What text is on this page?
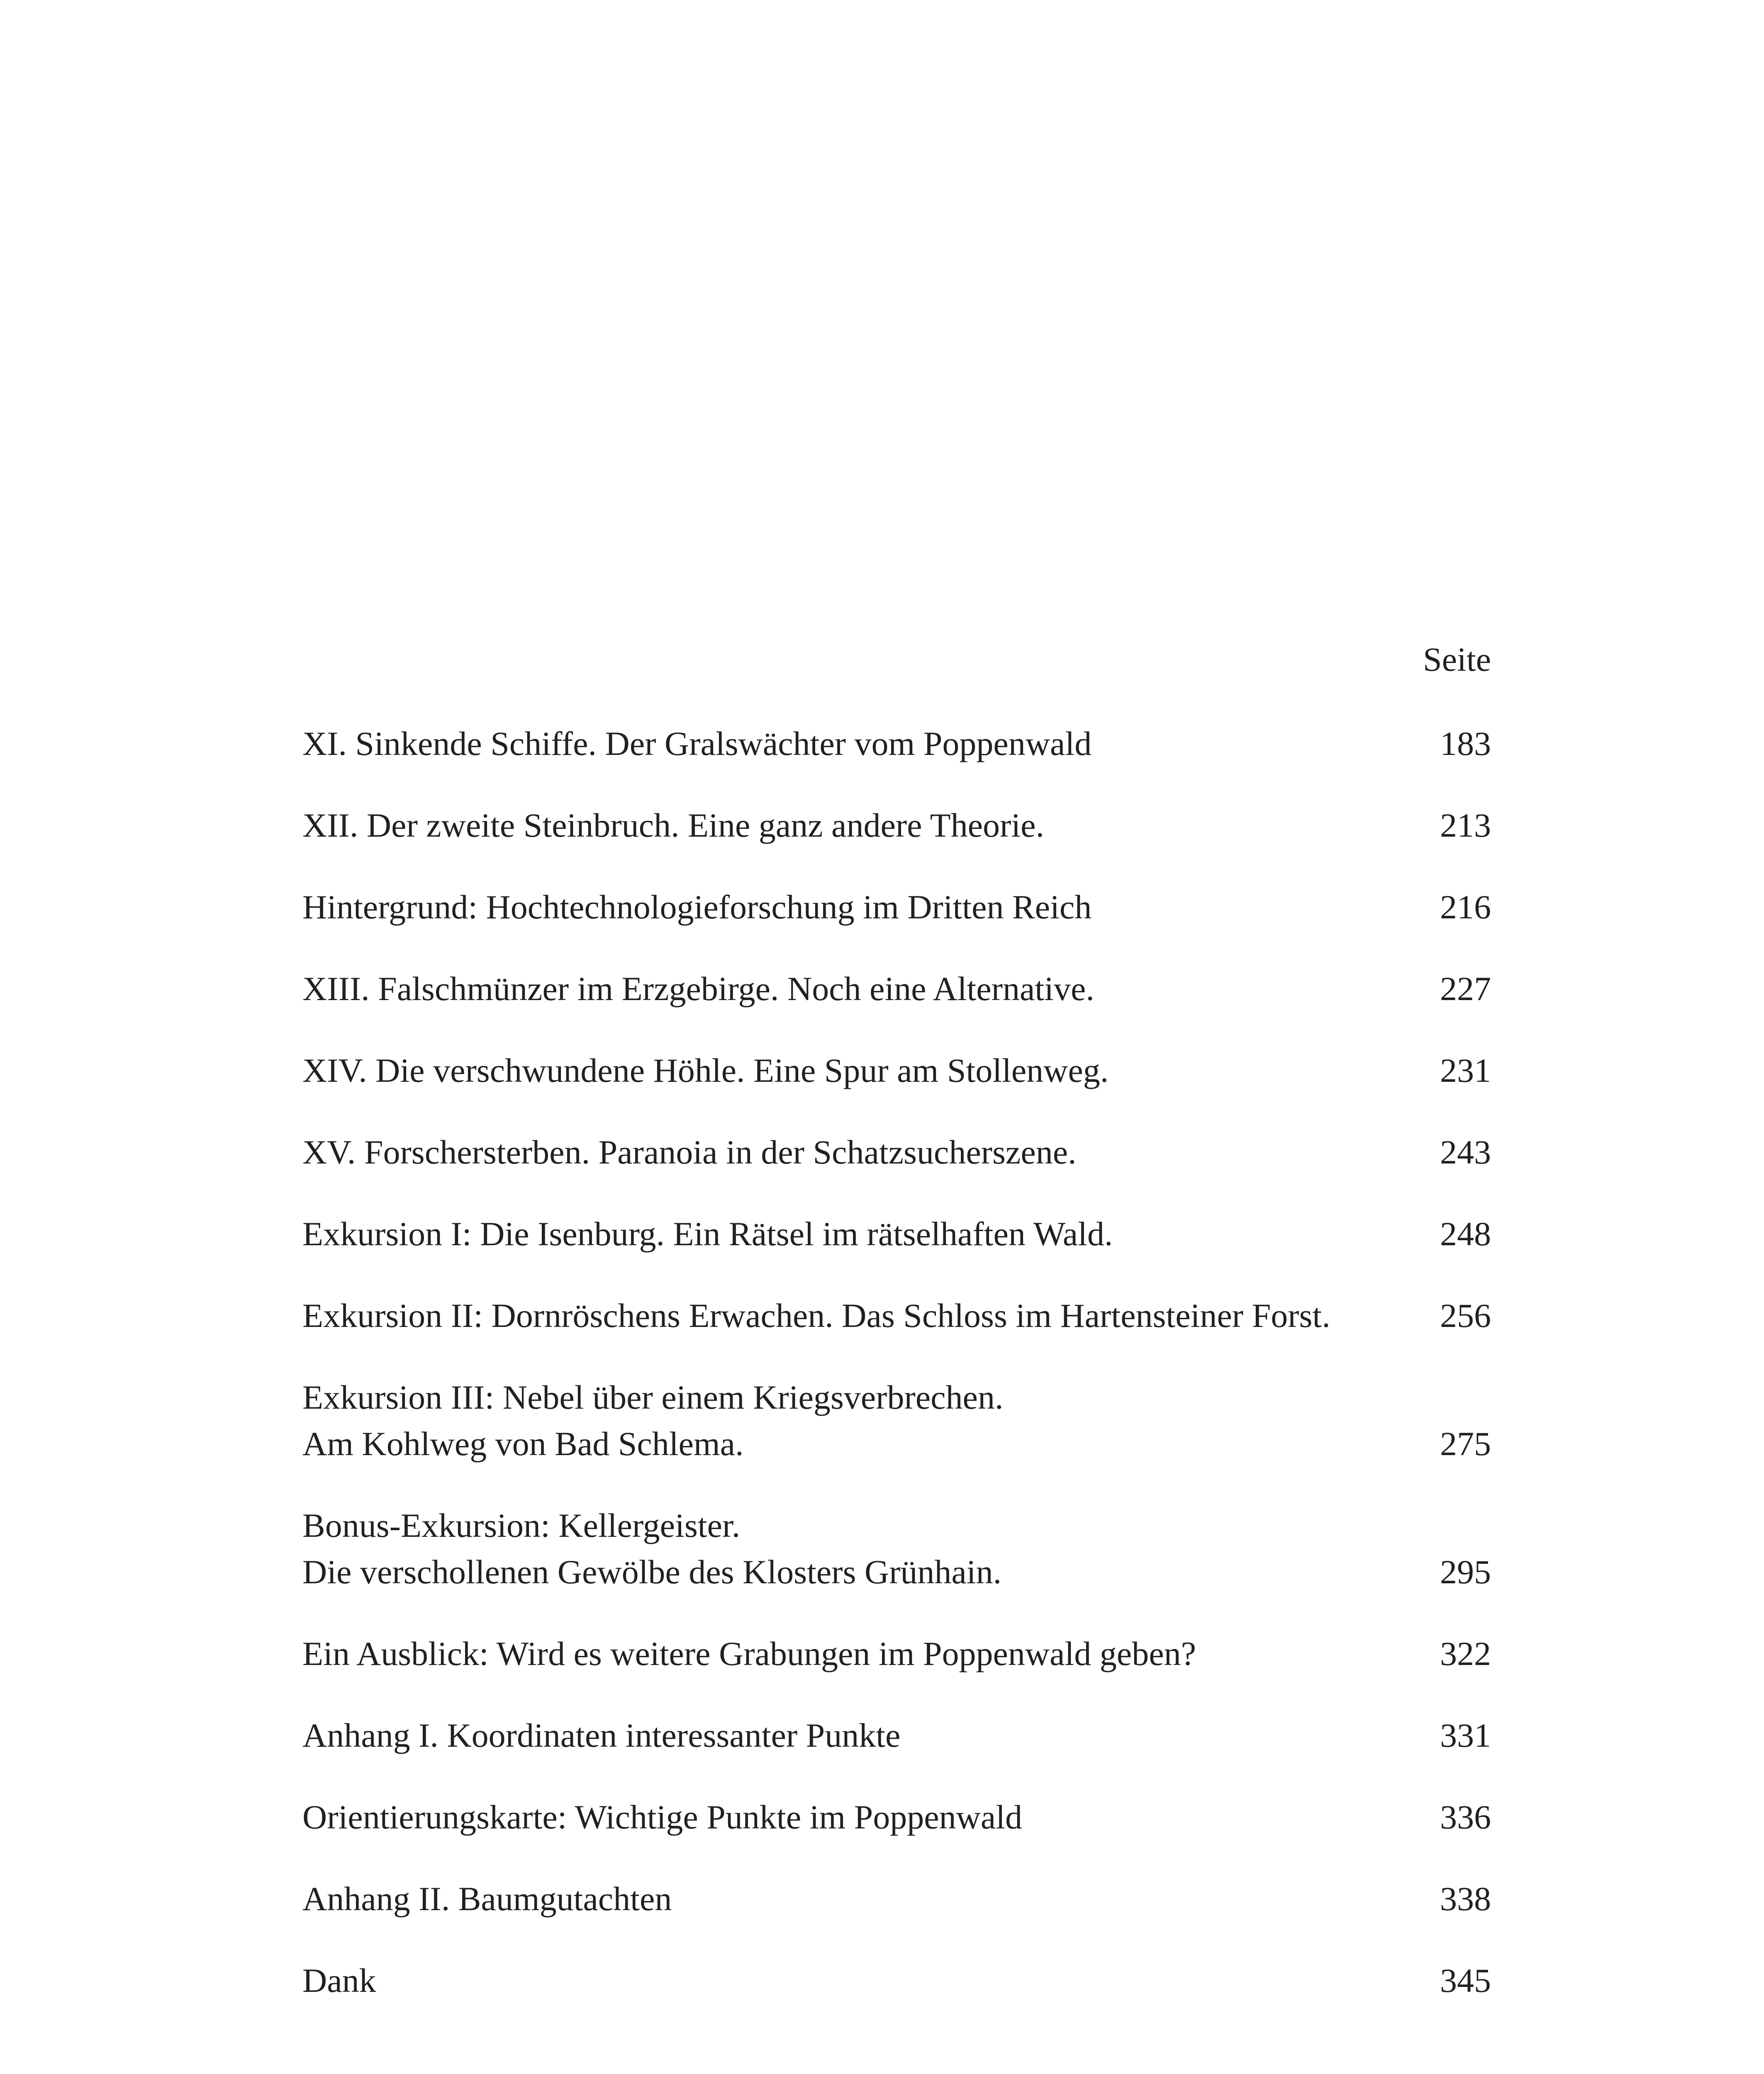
Seite
XI. Sinkende Schiffe. Der Gralswächter vom Poppenwald	183
XII. Der zweite Steinbruch. Eine ganz andere Theorie.	213
Hintergrund: Hochtechnologieforschung im Dritten Reich	216
XIII. Falschmünzer im Erzgebirge. Noch eine Alternative.	227
XIV. Die verschwundene Höhle. Eine Spur am Stollenweg.	231
XV. Forschersterben. Paranoia in der Schatzsucherszene.	243
Exkursion I: Die Isenburg. Ein Rätsel im rätselhaften Wald.	248
Exkursion II: Dornröschens Erwachen. Das Schloss im Hartensteiner Forst.	256
Exkursion III: Nebel über einem Kriegsverbrechen.
Am Kohlweg von Bad Schlema.	275
Bonus-Exkursion: Kellergeister.
Die verschollenen Gewölbe des Klosters Grünhain.	295
Ein Ausblick: Wird es weitere Grabungen im Poppenwald geben?	322
Anhang I. Koordinaten interessanter Punkte	331
Orientierungskarte: Wichtige Punkte im Poppenwald	336
Anhang II. Baumgutachten	338
Dank	345
